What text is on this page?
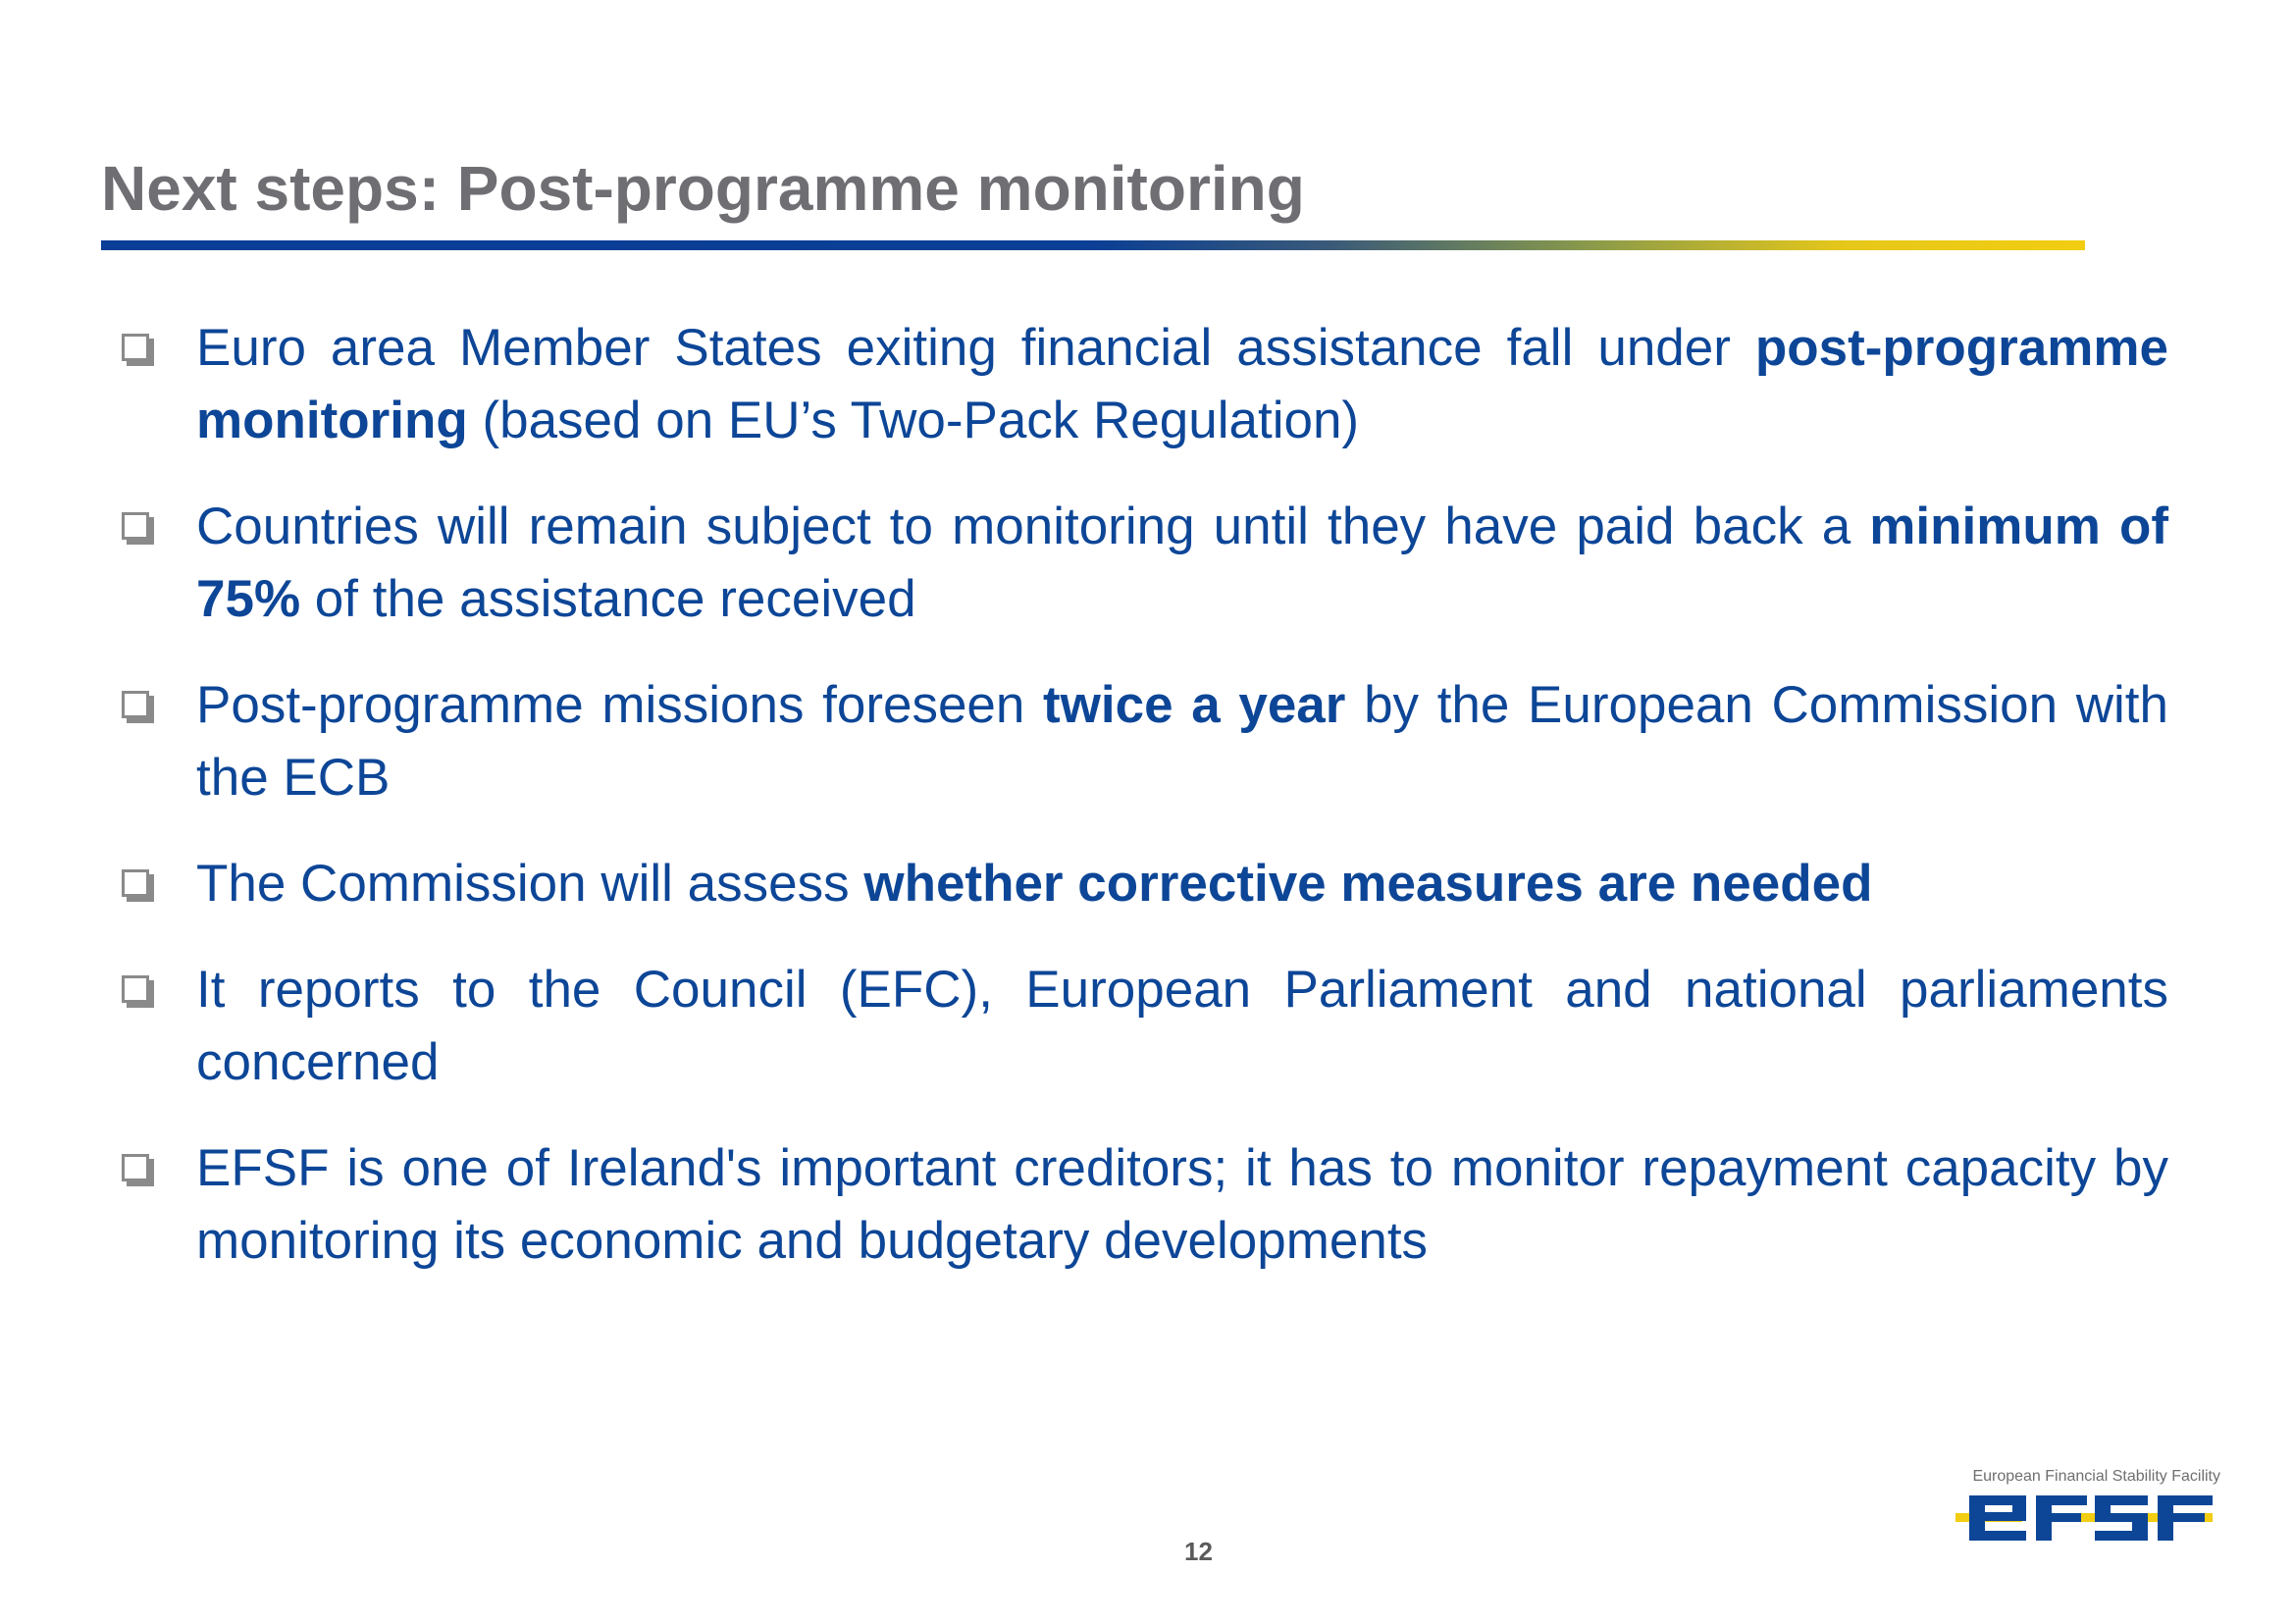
Next steps: Post-programme monitoring
Euro area Member States exiting financial assistance fall under post-programme monitoring (based on EU’s Two-Pack Regulation)
Countries will remain subject to monitoring until they have paid back a minimum of 75% of the assistance received
Post-programme missions foreseen twice a year by the European Commission with the ECB
The Commission will assess whether corrective measures are needed
It reports to the Council (EFC), European Parliament and national parliaments concerned
EFSF is one of Ireland's important creditors; it has to monitor repayment capacity by monitoring its economic and budgetary developments
12
European Financial Stability Facility
